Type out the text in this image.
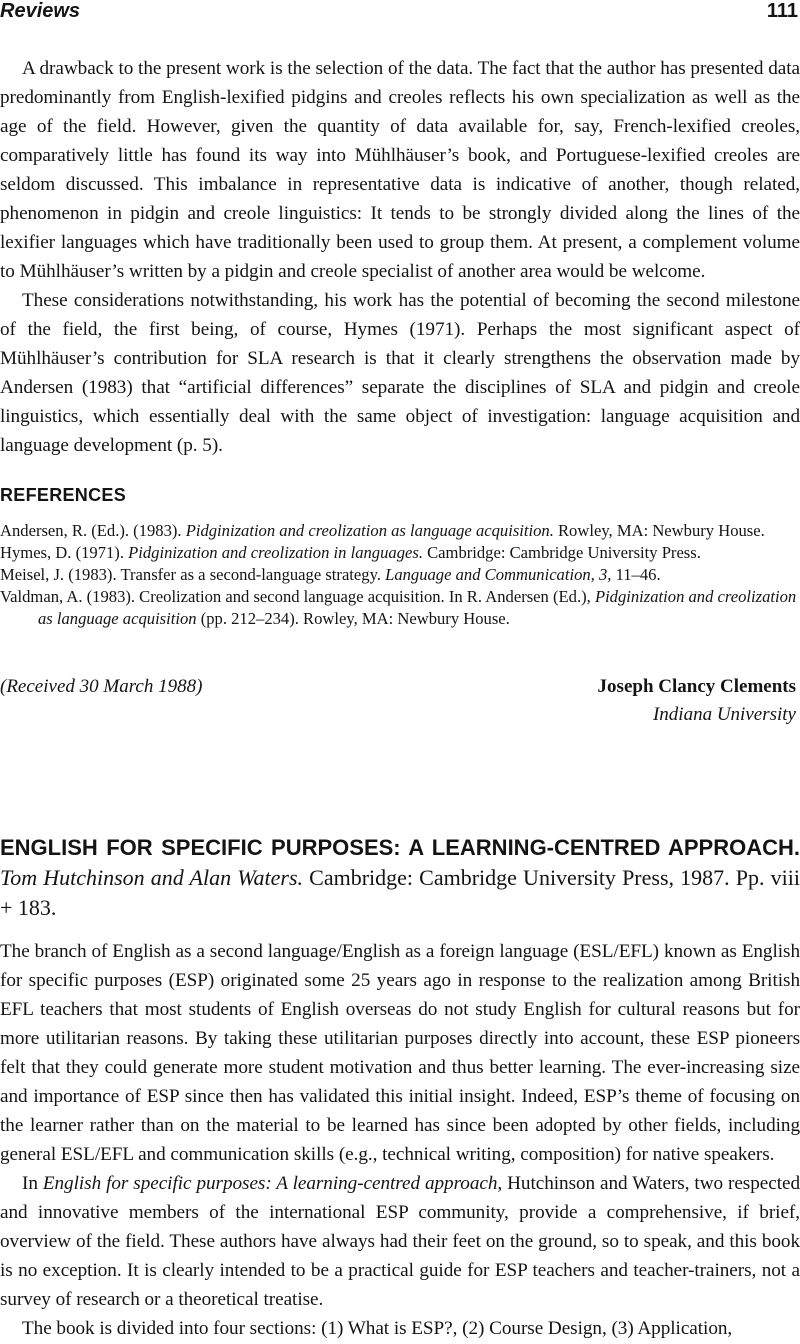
Reviews	111

A drawback to the present work is the selection of the data. The fact that the author has presented data predominantly from English-lexified pidgins and creoles reflects his own specialization as well as the age of the field. However, given the quantity of data available for, say, French-lexified creoles, comparatively little has found its way into Mühlhäuser’s book, and Portuguese-lexified creoles are seldom discussed. This imbalance in representative data is indicative of another, though related, phenomenon in pidgin and creole linguistics: It tends to be strongly divided along the lines of the lexifier languages which have traditionally been used to group them. At present, a complement volume to Mühlhäuser’s written by a pidgin and creole specialist of another area would be welcome.

These considerations notwithstanding, his work has the potential of becoming the second milestone of the field, the first being, of course, Hymes (1971). Perhaps the most significant aspect of Mühlhäuser’s contribution for SLA research is that it clearly strengthens the observation made by Andersen (1983) that “artificial differences” separate the disciplines of SLA and pidgin and creole linguistics, which essentially deal with the same object of investigation: language acquisition and language development (p. 5).

REFERENCES

Andersen, R. (Ed.). (1983). Pidginization and creolization as language acquisition. Rowley, MA: Newbury House.

Hymes, D. (1971). Pidginization and creolization in languages. Cambridge: Cambridge University Press.

Meisel, J. (1983). Transfer as a second-language strategy. Language and Communication, 3, 11–46.

Valdman, A. (1983). Creolization and second language acquisition. In R. Andersen (Ed.), Pidginization and creolization as language acquisition (pp. 212–234). Rowley, MA: Newbury House.

(Received 30 March 1988)	Joseph Clancy Clements
Indiana University
ENGLISH FOR SPECIFIC PURPOSES: A LEARNING-CENTRED APPROACH. Tom Hutchinson and Alan Waters. Cambridge: Cambridge University Press, 1987. Pp. viii + 183.

The branch of English as a second language/English as a foreign language (ESL/EFL) known as English for specific purposes (ESP) originated some 25 years ago in response to the realization among British EFL teachers that most students of English overseas do not study English for cultural reasons but for more utilitarian reasons. By taking these utilitarian purposes directly into account, these ESP pioneers felt that they could generate more student motivation and thus better learning. The ever-increasing size and importance of ESP since then has validated this initial insight. Indeed, ESP’s theme of focusing on the learner rather than on the material to be learned has since been adopted by other fields, including general ESL/EFL and communication skills (e.g., technical writing, composition) for native speakers.

In English for specific purposes: A learning-centred approach, Hutchinson and Waters, two respected and innovative members of the international ESP community, provide a comprehensive, if brief, overview of the field. These authors have always had their feet on the ground, so to speak, and this book is no exception. It is clearly intended to be a practical guide for ESP teachers and teacher-trainers, not a survey of research or a theoretical treatise.

The book is divided into four sections: (1) What is ESP?, (2) Course Design, (3) Application,
